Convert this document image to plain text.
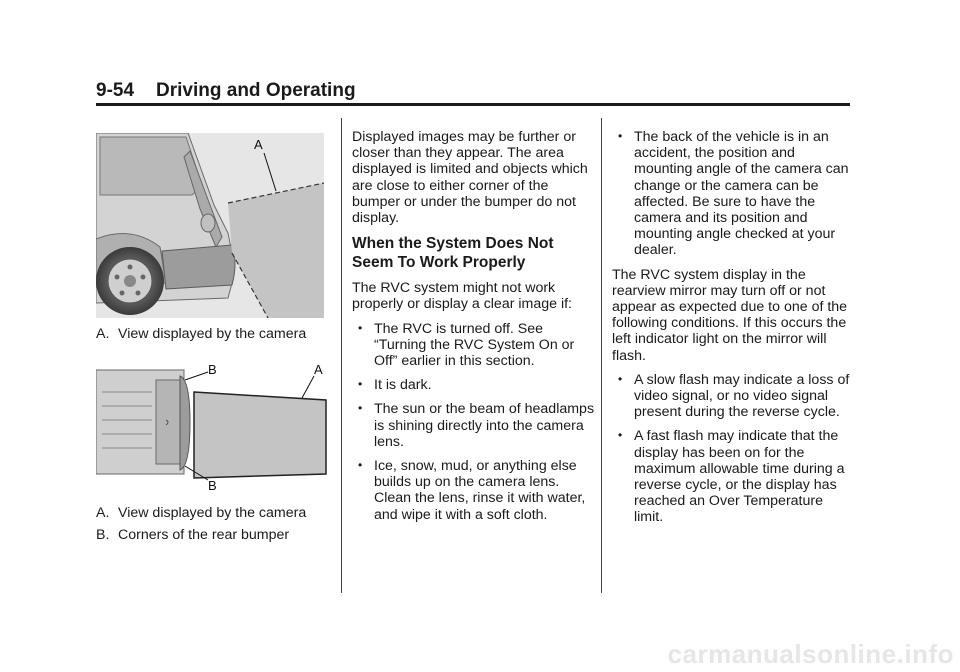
9-54 Driving and Operating
A
A. View displayed by the camera
B	A
B
A. View displayed by the camera
B. Corners of the rear bumper

Displayed images may be further or closer than they appear. The area displayed is limited and objects which are close to either corner of the bumper or under the bumper do not display.

When the System Does Not Seem To Work Properly

The RVC system might not work properly or display a clear image if:

• The RVC is turned off. See “Turning the RVC System On or Off” earlier in this section.
• It is dark.
• The sun or the beam of headlamps is shining directly into the camera lens.
• Ice, snow, mud, or anything else builds up on the camera lens. Clean the lens, rinse it with water, and wipe it with a soft cloth.
• The back of the vehicle is in an accident, the position and mounting angle of the camera can change or the camera can be affected. Be sure to have the camera and its position and mounting angle checked at your dealer.

The RVC system display in the rearview mirror may turn off or not appear as expected due to one of the following conditions. If this occurs the left indicator light on the mirror will flash.

• A slow flash may indicate a loss of video signal, or no video signal present during the reverse cycle.
• A fast flash may indicate that the display has been on for the maximum allowable time during a reverse cycle, or the display has reached an Over Temperature limit.
carmanualsonline.info
